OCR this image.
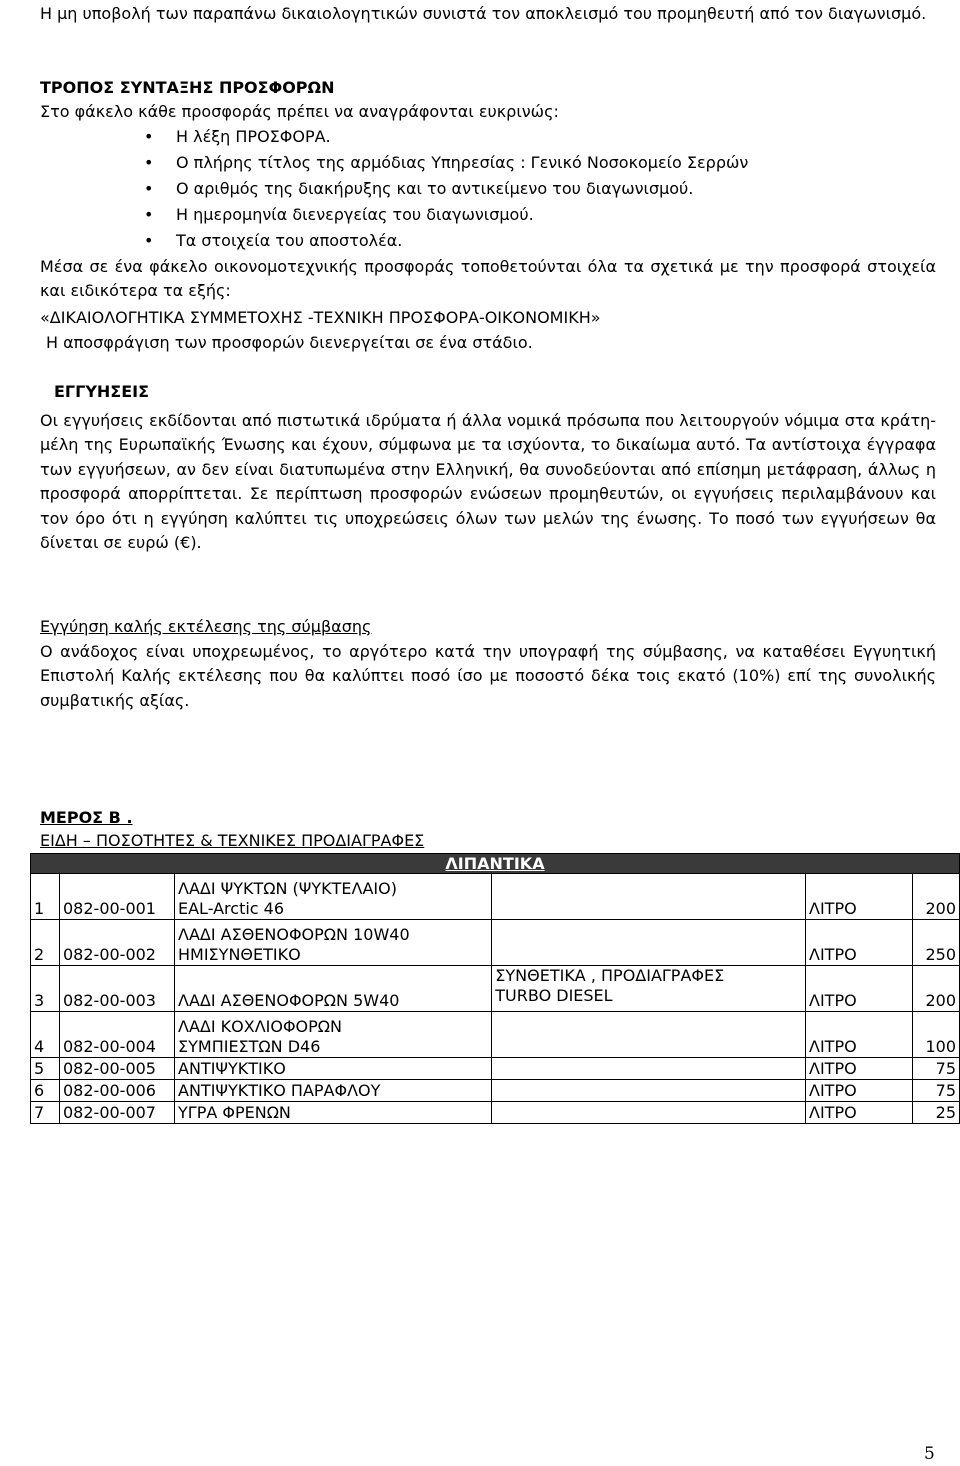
Η μη υποβολή των παραπάνω δικαιολογητικών συνιστά τον αποκλεισμό του προμηθευτή από τον διαγωνισμό.

ΤΡΟΠΟΣ ΣΥΝΤΑΞΗΣ ΠΡΟΣΦΟΡΩΝ

Στο φάκελο κάθε προσφοράς πρέπει να αναγράφονται ευκρινώς:

• Η λέξη ΠΡΟΣΦΟΡΑ.
• Ο πλήρης τίτλος της αρμόδιας Υπηρεσίας : Γενικό Νοσοκομείο Σερρών
• Ο αριθμός της διακήρυξης και το αντικείμενο του διαγωνισμού.
• Η ημερομηνία διενεργείας του διαγωνισμού.
• Τα στοιχεία του αποστολέα.

Μέσα σε ένα φάκελο οικονομοτεχνικής προσφοράς τοποθετούνται όλα τα σχετικά με την προσφορά στοιχεία και ειδικότερα τα εξής:

«ΔΙΚΑΙΟΛΟΓΗΤΙΚΑ ΣΥΜΜΕΤΟΧΗΣ -ΤΕΧΝΙΚΗ ΠΡΟΣΦΟΡΑ-ΟΙΚΟΝΟΜΙΚΗ»

Η αποσφράγιση των προσφορών διενεργείται σε ένα στάδιο.

ΕΓΓΥΗΣΕΙΣ

Οι εγγυήσεις εκδίδονται από πιστωτικά ιδρύματα ή άλλα νομικά πρόσωπα που λειτουργούν νόμιμα στα κράτη-μέλη της Ευρωπαϊκής Ένωσης και έχουν, σύμφωνα με τα ισχύοντα, το δικαίωμα αυτό. Τα αντίστοιχα έγγραφα των εγγυήσεων, αν δεν είναι διατυπωμένα στην Ελληνική, θα συνοδεύονται από επίσημη μετάφραση, άλλως η προσφορά απορρίπτεται. Σε περίπτωση προσφορών ενώσεων προμηθευτών, οι εγγυήσεις περιλαμβάνουν και τον όρο ότι η εγγύηση καλύπτει τις υποχρεώσεις όλων των μελών της ένωσης. Το ποσό των εγγυήσεων θα δίνεται σε ευρώ (€).

Εγγύηση καλής εκτέλεσης της σύμβασης

Ο ανάδοχος είναι υποχρεωμένος, το αργότερο κατά την υπογραφή της σύμβασης, να καταθέσει Εγγυητική Επιστολή Καλής εκτέλεσης που θα καλύπτει ποσό ίσο με ποσοστό δέκα τοις εκατό (10%) επί της συνολικής συμβατικής αξίας.

ΜΕΡΟΣ Β .

ΕΙΔΗ – ΠΟΣΟΤΗΤΕΣ & ΤΕΧΝΙΚΕΣ ΠΡΟΔΙΑΓΡΑΦΕΣ

ΛΙΠΑΝΤΙΚΑ					
1	082-00-001	ΛΑΔΙ ΨΥΚΤΩΝ (ΨΥΚΤΕΛΑΙΟ)
EAL-Arctic 46		ΛΙΤΡΟ	200
2	082-00-002	ΛΑΔΙ ΑΣΘΕΝΟΦΟΡΩΝ 10W40
ΗΜΙΣΥΝΘΕΤΙΚΟ		ΛΙΤΡΟ	250
3	082-00-003	ΛΑΔΙ ΑΣΘΕΝΟΦΟΡΩΝ 5W40	ΣΥΝΘΕΤΙΚΑ , ΠΡΟΔΙΑΓΡΑΦΕΣ
TURBO DIESEL	ΛΙΤΡΟ	200
4	082-00-004	ΛΑΔΙ ΚΟΧΛΙΟΦΟΡΩΝ
ΣΥΜΠΙΕΣΤΩΝ D46		ΛΙΤΡΟ	100
5	082-00-005	ΑΝΤΙΨΥΚΤΙΚΟ		ΛΙΤΡΟ	75
6	082-00-006	ΑΝΤΙΨΥΚΤΙΚΟ ΠΑΡΑΦΛΟΥ		ΛΙΤΡΟ	75
7	082-00-007	ΥΓΡΑ ΦΡΕΝΩΝ		ΛΙΤΡΟ	25
5
